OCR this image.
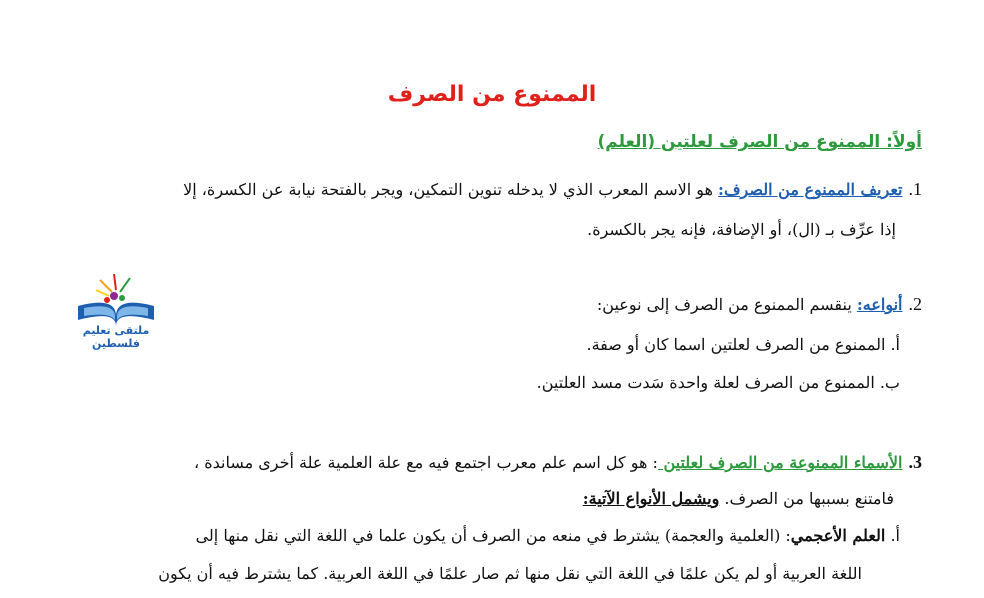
الممنوع من الصرف
أولاً: الممنوع من الصرف لعلتين (العلم)
1.تعريف الممنوع من الصرف: هو الاسم المعرب الذي لا يدخله تنوين التمكين، ويجر بالفتحة نيابة عن الكسرة، إلا
إذا عرِّف بـ (ال)، أو الإضافة، فإنه يجر بالكسرة.
ملتقى تعليم فلسطين
2.أنواعه: ينقسم الممنوع من الصرف إلى نوعين:
أ. الممنوع من الصرف لعلتين اسما كان أو صفة.
ب. الممنوع من الصرف لعلة واحدة سَدت مسد العلتين.
3.الأسماء الممنوعة من الصرف لعلتين : هو كل اسم علم معرب اجتمع فيه مع علة العلمية علة أخرى مساندة ،
فامتنع بسببها من الصرف. ويشمل الأنواع الآتية:
أ. العلم الأعجمي: (العلمية والعجمة) يشترط في منعه من الصرف أن يكون علما في اللغة التي نقل منها إلى
اللغة العربية أو لم يكن علمًا في اللغة التي نقل منها ثم صار علمًا في اللغة العربية. كما يشترط فيه أن يكون
